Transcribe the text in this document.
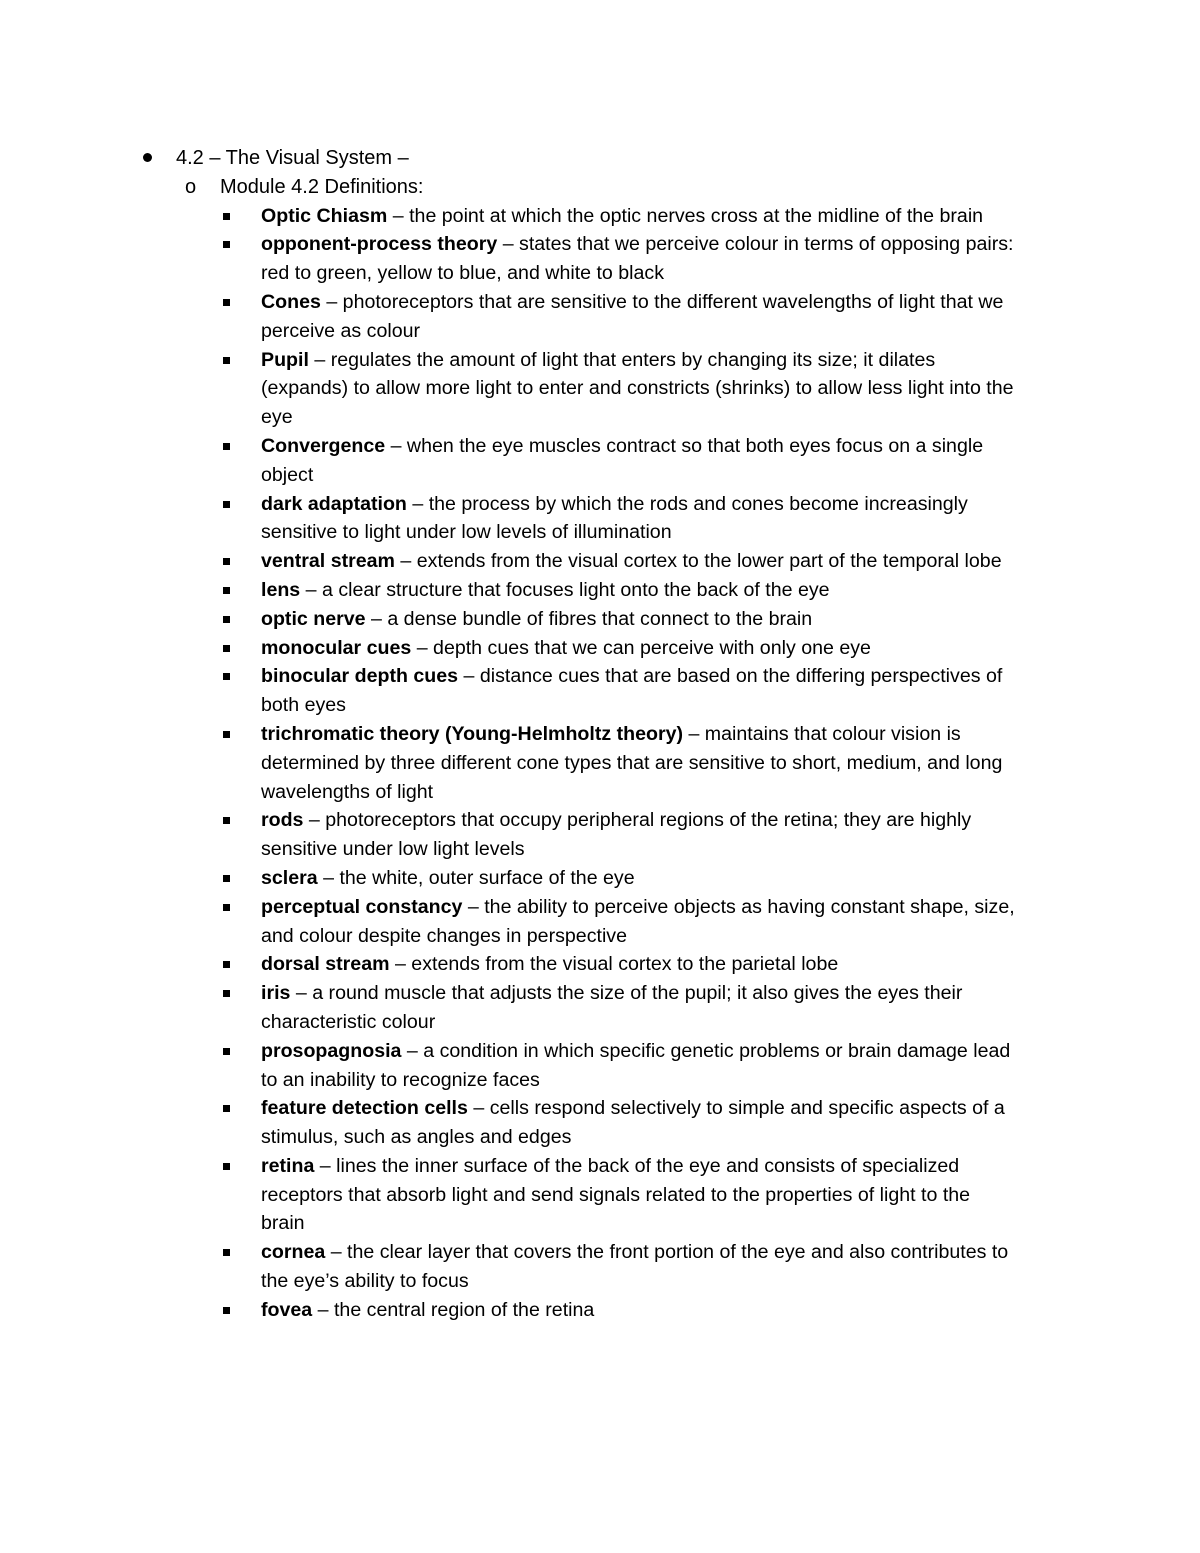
4.2 – The Visual System –
o Module 4.2 Definitions:
Optic Chiasm – the point at which the optic nerves cross at the midline of the brain
opponent-process theory – states that we perceive colour in terms of opposing pairs: red to green, yellow to blue, and white to black
Cones – photoreceptors that are sensitive to the different wavelengths of light that we perceive as colour
Pupil – regulates the amount of light that enters by changing its size; it dilates (expands) to allow more light to enter and constricts (shrinks) to allow less light into the eye
Convergence – when the eye muscles contract so that both eyes focus on a single object
dark adaptation – the process by which the rods and cones become increasingly sensitive to light under low levels of illumination
ventral stream – extends from the visual cortex to the lower part of the temporal lobe
lens – a clear structure that focuses light onto the back of the eye
optic nerve – a dense bundle of fibres that connect to the brain
monocular cues – depth cues that we can perceive with only one eye
binocular depth cues – distance cues that are based on the differing perspectives of both eyes
trichromatic theory (Young-Helmholtz theory) – maintains that colour vision is determined by three different cone types that are sensitive to short, medium, and long wavelengths of light
rods – photoreceptors that occupy peripheral regions of the retina; they are highly sensitive under low light levels
sclera – the white, outer surface of the eye
perceptual constancy – the ability to perceive objects as having constant shape, size, and colour despite changes in perspective
dorsal stream – extends from the visual cortex to the parietal lobe
iris – a round muscle that adjusts the size of the pupil; it also gives the eyes their characteristic colour
prosopagnosia – a condition in which specific genetic problems or brain damage lead to an inability to recognize faces
feature detection cells – cells respond selectively to simple and specific aspects of a stimulus, such as angles and edges
retina – lines the inner surface of the back of the eye and consists of specialized receptors that absorb light and send signals related to the properties of light to the brain
cornea – the clear layer that covers the front portion of the eye and also contributes to the eye’s ability to focus
fovea – the central region of the retina
